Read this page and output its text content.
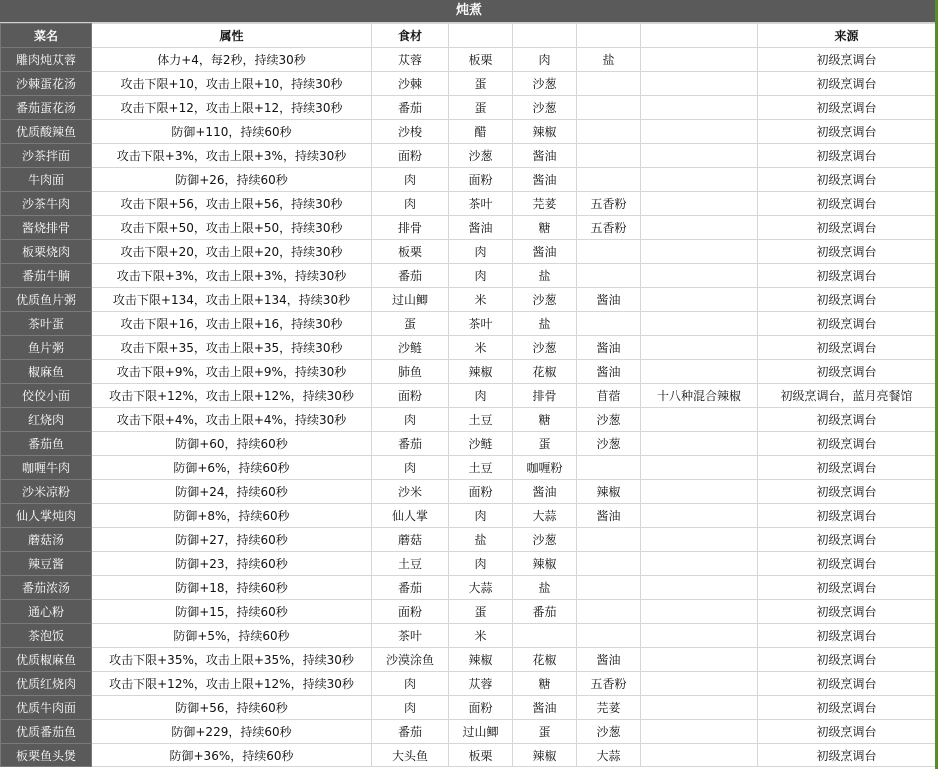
炖煮
菜名	属性	食材					来源
雕肉炖苁蓉	体力+4，每2秒，持续30秒	苁蓉	板栗	肉	盐		初级烹调台
沙棘蛋花汤	攻击下限+10，攻击上限+10，持续30秒	沙棘	蛋	沙葱			初级烹调台
番茄蛋花汤	攻击下限+12，攻击上限+12，持续30秒	番茄	蛋	沙葱			初级烹调台
优质酸辣鱼	防御+110，持续60秒	沙梭	醋	辣椒			初级烹调台
沙茶拌面	攻击下限+3%，攻击上限+3%，持续30秒	面粉	沙葱	酱油			初级烹调台
牛肉面	防御+26，持续60秒	肉	面粉	酱油			初级烹调台
沙茶牛肉	攻击下限+56，攻击上限+56，持续30秒	肉	茶叶	芫荽	五香粉		初级烹调台
酱烧排骨	攻击下限+50，攻击上限+50，持续30秒	排骨	酱油	糖	五香粉		初级烹调台
板栗烧肉	攻击下限+20，攻击上限+20，持续30秒	板栗	肉	酱油			初级烹调台
番茄牛腩	攻击下限+3%，攻击上限+3%，持续30秒	番茄	肉	盐			初级烹调台
优质鱼片粥	攻击下限+134，攻击上限+134，持续30秒	过山鲫	米	沙葱	酱油		初级烹调台
茶叶蛋	攻击下限+16，攻击上限+16，持续30秒	蛋	茶叶	盐			初级烹调台
鱼片粥	攻击下限+35，攻击上限+35，持续30秒	沙鲢	米	沙葱	酱油		初级烹调台
椒麻鱼	攻击下限+9%，攻击上限+9%，持续30秒	肺鱼	辣椒	花椒	酱油		初级烹调台
佼佼小面	攻击下限+12%，攻击上限+12%，持续30秒	面粉	肉	排骨	苜蓿	十八种混合辣椒	初级烹调台，蓝月亮餐馆
红烧肉	攻击下限+4%，攻击上限+4%，持续30秒	肉	土豆	糖	沙葱		初级烹调台
番茄鱼	防御+60，持续60秒	番茄	沙鲢	蛋	沙葱		初级烹调台
咖喱牛肉	防御+6%，持续60秒	肉	土豆	咖喱粉			初级烹调台
沙米凉粉	防御+24，持续60秒	沙米	面粉	酱油	辣椒		初级烹调台
仙人掌炖肉	防御+8%，持续60秒	仙人掌	肉	大蒜	酱油		初级烹调台
蘑菇汤	防御+27，持续60秒	蘑菇	盐	沙葱			初级烹调台
辣豆酱	防御+23，持续60秒	土豆	肉	辣椒			初级烹调台
番茄浓汤	防御+18，持续60秒	番茄	大蒜	盐			初级烹调台
通心粉	防御+15，持续60秒	面粉	蛋	番茄			初级烹调台
茶泡饭	防御+5%，持续60秒	茶叶	米				初级烹调台
优质椒麻鱼	攻击下限+35%，攻击上限+35%，持续30秒	沙漠涂鱼	辣椒	花椒	酱油		初级烹调台
优质红烧肉	攻击下限+12%，攻击上限+12%，持续30秒	肉	苁蓉	糖	五香粉		初级烹调台
优质牛肉面	防御+56，持续60秒	肉	面粉	酱油	芫荽		初级烹调台
优质番茄鱼	防御+229，持续60秒	番茄	过山鲫	蛋	沙葱		初级烹调台
板栗鱼头煲	防御+36%，持续60秒	大头鱼	板栗	辣椒	大蒜		初级烹调台
